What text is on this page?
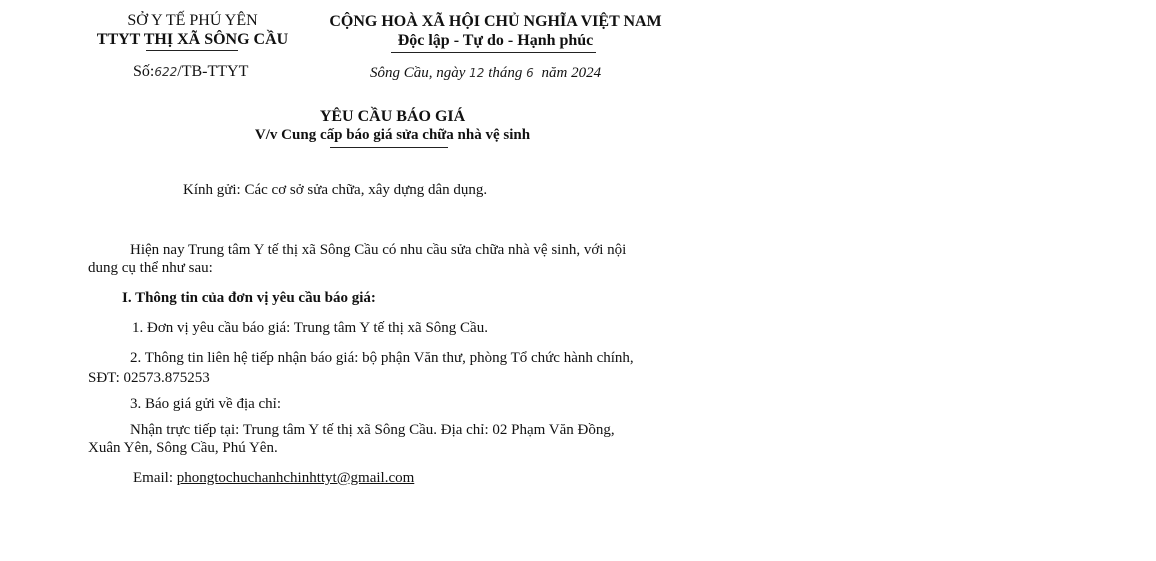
SỞ Y TẾ PHÚ YÊN
TTYT THỊ XÃ SÔNG CẦU
Số:622/TB-TTYT
CỘNG HOÀ XÃ HỘI CHỦ NGHĨA VIỆT NAM
Độc lập - Tự do - Hạnh phúc
Sông Cầu, ngày 12 tháng 6 năm 2024
YÊU CẦU BÁO GIÁ
V/v Cung cấp báo giá sửa chữa nhà vệ sinh
Kính gửi: Các cơ sở sửa chữa, xây dựng dân dụng.
Hiện nay Trung tâm Y tế thị xã Sông Cầu có nhu cầu sửa chữa nhà vệ sinh, với nội
dung cụ thể như sau:
I. Thông tin của đơn vị yêu cầu báo giá:
1. Đơn vị yêu cầu báo giá: Trung tâm Y tế thị xã Sông Cầu.
2. Thông tin liên hệ tiếp nhận báo giá: bộ phận Văn thư, phòng Tổ chức hành chính,
SĐT: 02573.875253
3. Báo giá gửi về địa chỉ:
Nhận trực tiếp tại: Trung tâm Y tế thị xã Sông Cầu. Địa chỉ: 02 Phạm Văn Đồng,
Xuân Yên, Sông Cầu, Phú Yên.
Email: phongtochuchanhchinhttyt@gmail.com
